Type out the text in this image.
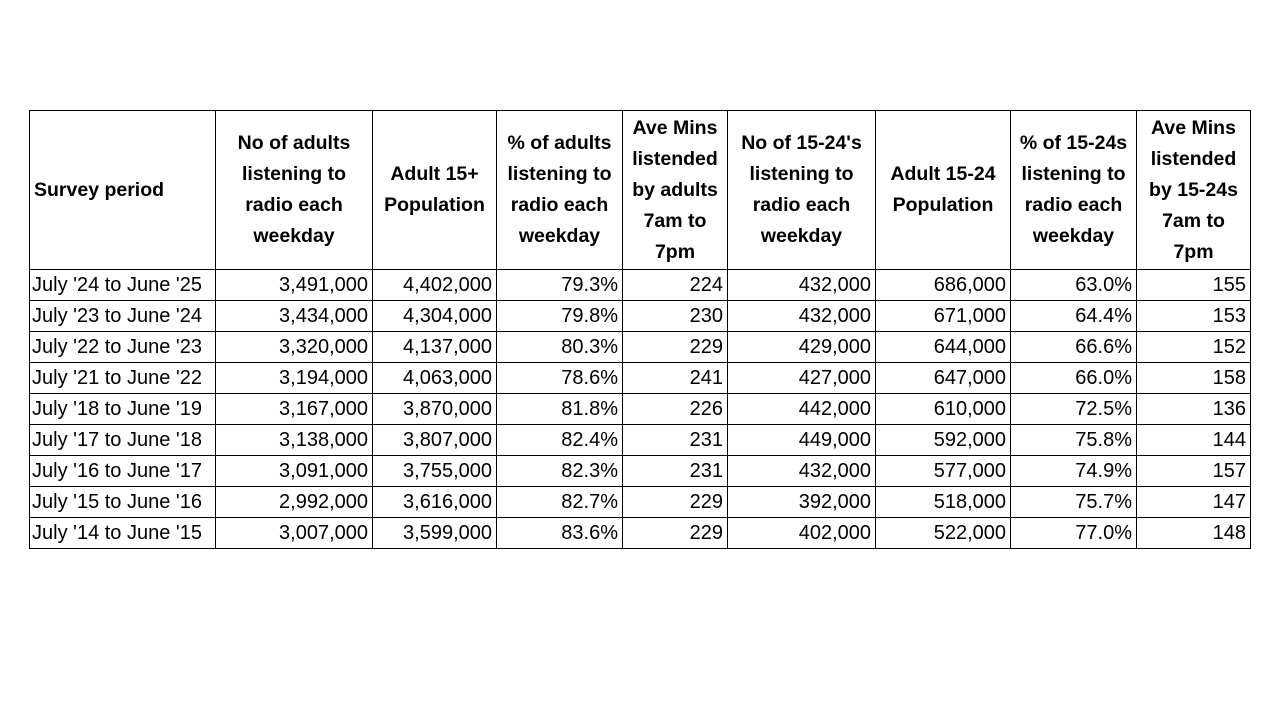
Survey period	No of adults listening to radio each weekday	Adult 15+ Population	% of adults listening to radio each weekday	Ave Mins listended by adults 7am to 7pm	No of 15-24's listening to radio each weekday	Adult 15-24 Population	% of 15-24s listening to radio each weekday	Ave Mins listended by 15-24s 7am to 7pm
July '24 to June '25	3,491,000	4,402,000	79.3%	224	432,000	686,000	63.0%	155
July '23 to June '24	3,434,000	4,304,000	79.8%	230	432,000	671,000	64.4%	153
July '22 to June '23	3,320,000	4,137,000	80.3%	229	429,000	644,000	66.6%	152
July '21 to June '22	3,194,000	4,063,000	78.6%	241	427,000	647,000	66.0%	158
July '18 to June '19	3,167,000	3,870,000	81.8%	226	442,000	610,000	72.5%	136
July '17 to June '18	3,138,000	3,807,000	82.4%	231	449,000	592,000	75.8%	144
July '16 to June '17	3,091,000	3,755,000	82.3%	231	432,000	577,000	74.9%	157
July '15 to June '16	2,992,000	3,616,000	82.7%	229	392,000	518,000	75.7%	147
July '14 to June '15	3,007,000	3,599,000	83.6%	229	402,000	522,000	77.0%	148
